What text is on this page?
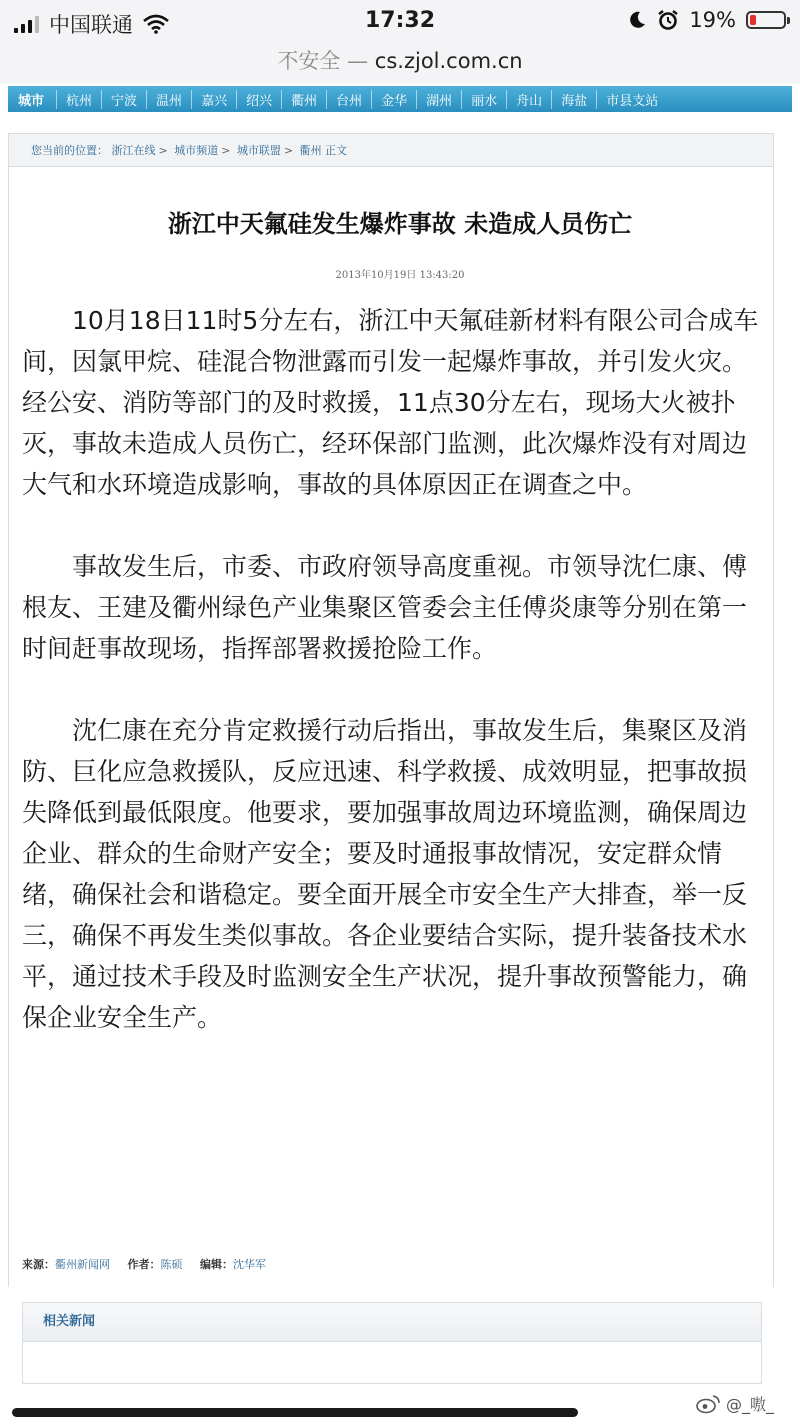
中国联通	17:32	19%
不安全 — cs.zjol.com.cn
城市	杭州	宁波	温州	嘉兴	绍兴	衢州	台州	金华	湖州	丽水	舟山	海盐	市县支站
您当前的位置： 浙江在线 > 城市频道 > 城市联盟 > 衢州 正文
浙江中天氟硅发生爆炸事故 未造成人员伤亡
2013年10月19日 13:43:20

10月18日11时5分左右，浙江中天氟硅新材料有限公司合成车间，因氯甲烷、硅混合物泄露而引发一起爆炸事故，并引发火灾。经公安、消防等部门的及时救援，11点30分左右，现场大火被扑灭，事故未造成人员伤亡，经环保部门监测，此次爆炸没有对周边大气和水环境造成影响，事故的具体原因正在调查之中。

事故发生后，市委、市政府领导高度重视。市领导沈仁康、傅根友、王建及衢州绿色产业集聚区管委会主任傅炎康等分别在第一时间赶事故现场，指挥部署救援抢险工作。

沈仁康在充分肯定救援行动后指出，事故发生后，集聚区及消防、巨化应急救援队，反应迅速、科学救援、成效明显，把事故损失降低到最低限度。他要求，要加强事故周边环境监测，确保周边企业、群众的生命财产安全；要及时通报事故情况，安定群众情绪，确保社会和谐稳定。要全面开展全市安全生产大排查，举一反三，确保不再发生类似事故。各企业要结合实际，提升装备技术水平，通过技术手段及时监测安全生产状况，提升事故预警能力，确保企业安全生产。

来源：衢州新闻网 作者：陈硕 编辑：沈华军
相关新闻
@_嗷_
